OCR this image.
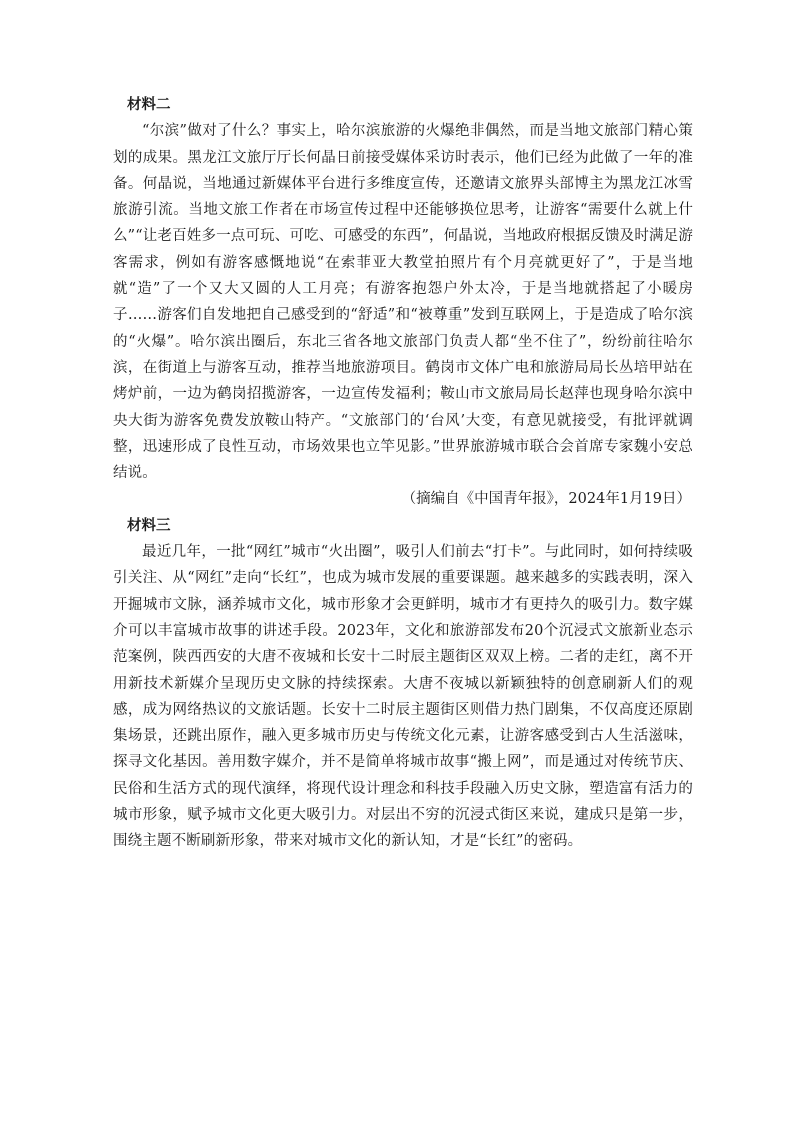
材料二

“尔滨”做对了什么？事实上，哈尔滨旅游的火爆绝非偶然，而是当地文旅部门精心策划的成果。黑龙江文旅厅厅长何晶日前接受媒体采访时表示，他们已经为此做了一年的准备。何晶说，当地通过新媒体平台进行多维度宣传，还邀请文旅界头部博主为黑龙江冰雪旅游引流。当地文旅工作者在市场宣传过程中还能够换位思考，让游客“需要什么就上什么”“让老百姓多一点可玩、可吃、可感受的东西”，何晶说，当地政府根据反馈及时满足游客需求，例如有游客感慨地说“在索菲亚大教堂拍照片有个月亮就更好了”，于是当地就“造”了一个又大又圆的人工月亮；有游客抱怨户外太冷，于是当地就搭起了小暖房子……游客们自发地把自己感受到的“舒适”和“被尊重”发到互联网上，于是造成了哈尔滨的“火爆”。哈尔滨出圈后，东北三省各地文旅部门负责人都“坐不住了”，纷纷前往哈尔滨，在街道上与游客互动，推荐当地旅游项目。鹤岗市文体广电和旅游局局长丛培甲站在烤炉前，一边为鹤岗招揽游客，一边宣传发福利；鞍山市文旅局局长赵萍也现身哈尔滨中央大街为游客免费发放鞍山特产。“文旅部门的‘台风’大变，有意见就接受，有批评就调整，迅速形成了良性互动，市场效果也立竿见影。”世界旅游城市联合会首席专家魏小安总结说。

（摘编自《中国青年报》，2024年1月19日）

材料三

最近几年，一批“网红”城市“火出圈”，吸引人们前去“打卡”。与此同时，如何持续吸引关注、从“网红”走向“长红”，也成为城市发展的重要课题。越来越多的实践表明，深入开掘城市文脉，涵养城市文化，城市形象才会更鲜明，城市才有更持久的吸引力。数字媒介可以丰富城市故事的讲述手段。2023年，文化和旅游部发布20个沉浸式文旅新业态示范案例，陕西西安的大唐不夜城和长安十二时辰主题街区双双上榜。二者的走红，离不开用新技术新媒介呈现历史文脉的持续探索。大唐不夜城以新颖独特的创意刷新人们的观感，成为网络热议的文旅话题。长安十二时辰主题街区则借力热门剧集，不仅高度还原剧集场景，还跳出原作，融入更多城市历史与传统文化元素，让游客感受到古人生活滋味，探寻文化基因。善用数字媒介，并不是简单将城市故事“搬上网”，而是通过对传统节庆、民俗和生活方式的现代演绎，将现代设计理念和科技手段融入历史文脉，塑造富有活力的城市形象，赋予城市文化更大吸引力。对层出不穷的沉浸式街区来说，建成只是第一步，围绕主题不断刷新形象，带来对城市文化的新认知，才是“长红”的密码。
